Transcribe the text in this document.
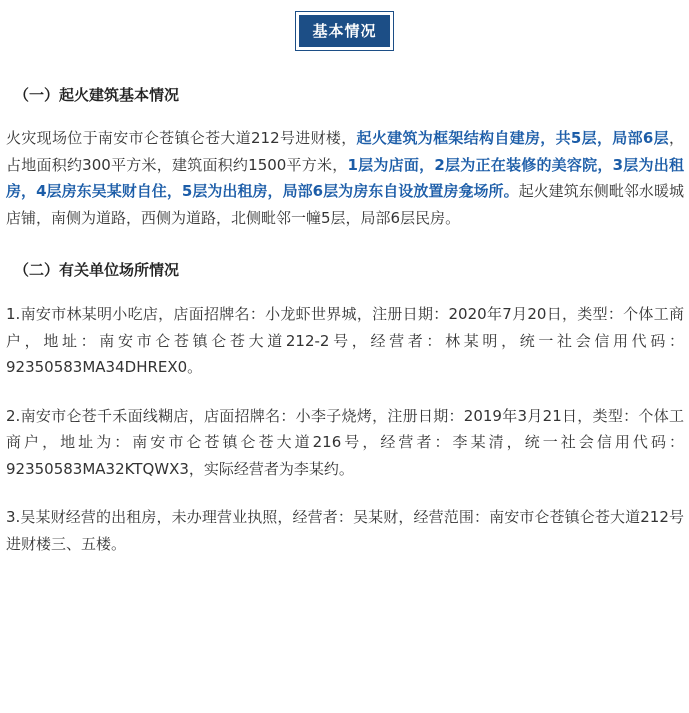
基本情况

（一）起火建筑基本情况

火灾现场位于南安市仑苍镇仑苍大道212号进财楼，起火建筑为框架结构自建房，共5层，局部6层，占地面积约300平方米，建筑面积约1500平方米，1层为店面，2层为正在装修的美容院，3层为出租房，4层房东吴某财自住，5层为出租房，局部6层为房东自设放置房龛场所。起火建筑东侧毗邻水暖城店铺，南侧为道路，西侧为道路，北侧毗邻一幢5层，局部6层民房。

（二）有关单位场所情况

1.南安市林某明小吃店，店面招牌名：小龙虾世界城，注册日期：2020年7月20日，类型：个体工商户，地址：南安市仑苍镇仑苍大道212-2号，经营者：林某明，统一社会信用代码：92350583MA34DHREX0。

2.南安市仑苍千禾面线糊店，店面招牌名：小李子烧烤，注册日期：2019年3月21日，类型：个体工商户，地址为：南安市仑苍镇仑苍大道216号，经营者：李某清，统一社会信用代码：92350583MA32KTQWX3，实际经营者为李某约。

3.吴某财经营的出租房，未办理营业执照，经营者：吴某财，经营范围：南安市仑苍镇仑苍大道212号进财楼三、五楼。
